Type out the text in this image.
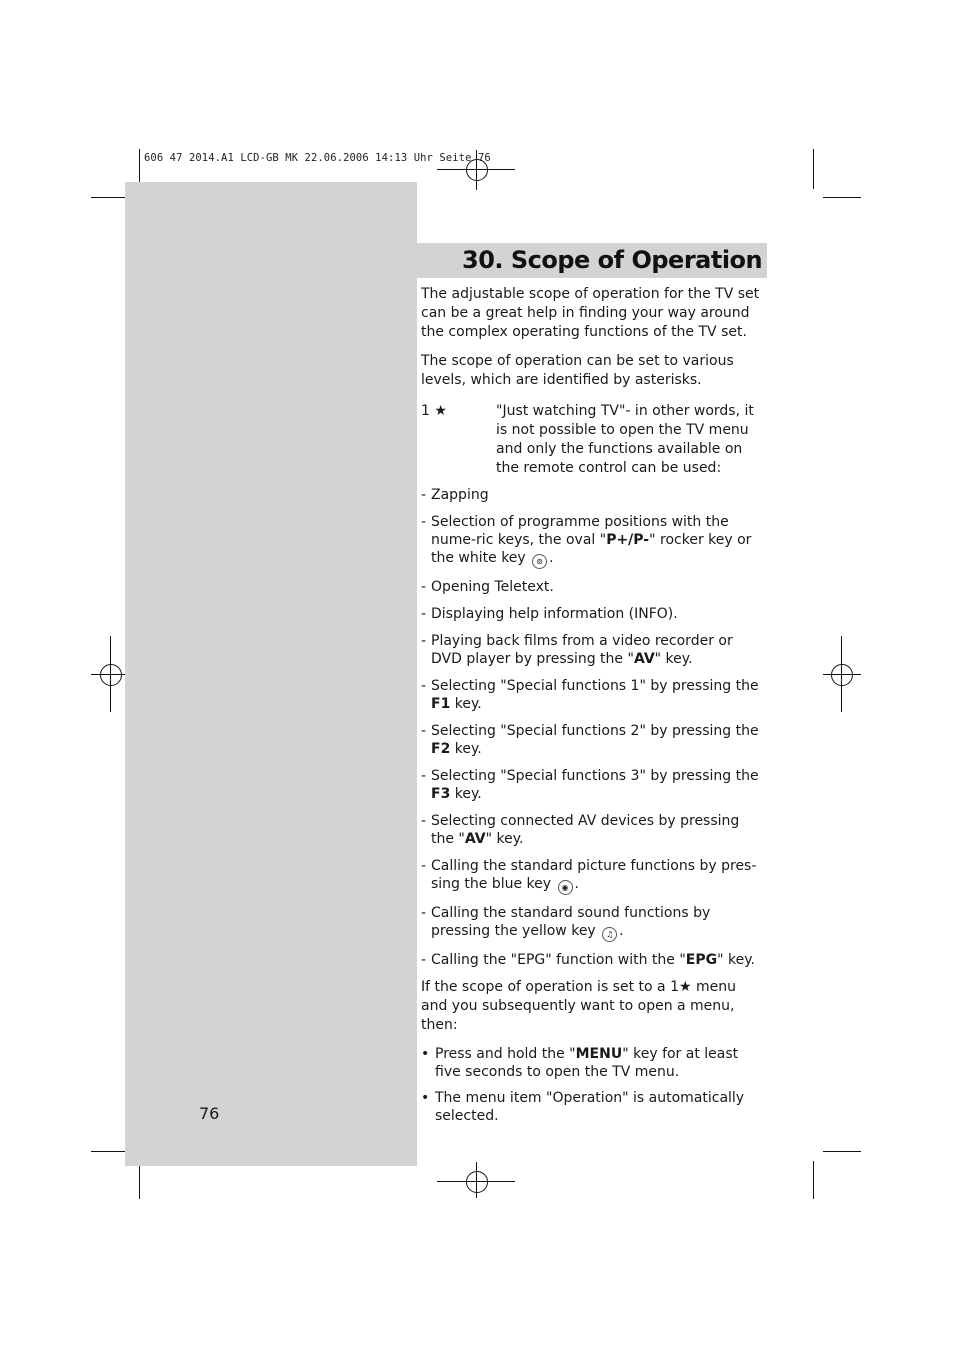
606 47 2014.A1 LCD-GB MK 22.06.2006 14:13 Uhr Seite 76
76
30. Scope of Operation

The adjustable scope of operation for the TV set can be a great help in finding your way around the complex operating functions of the TV set.

The scope of operation can be set to various levels, which are identified by asterisks.

1 ★	"Just watching TV"- in other words, it is not possible to open the TV menu and only the functions available on the remote control can be used:
- Zapping
- Selection of programme positions with the nume-ric keys, the oval "P+/P-" rocker key or the white key ⊚ .
- Opening Teletext.
- Displaying help information (INFO).
- Playing back films from a video recorder or DVD player by pressing the "AV" key.
- Selecting "Special functions 1" by pressing the F1 key.
- Selecting "Special functions 2" by pressing the F2 key.
- Selecting "Special functions 3" by pressing the F3 key.
- Selecting connected AV devices by pressing the "AV" key.
- Calling the standard picture functions by pres-sing the blue key ◉ .
- Calling the standard sound functions by pressing the yellow key ♫ .
- Calling the "EPG" function with the "EPG" key.

If the scope of operation is set to a 1★ menu and you subsequently want to open a menu, then:

• Press and hold the "MENU" key for at least five seconds to open the TV menu.
• The menu item "Operation" is automatically selected.
